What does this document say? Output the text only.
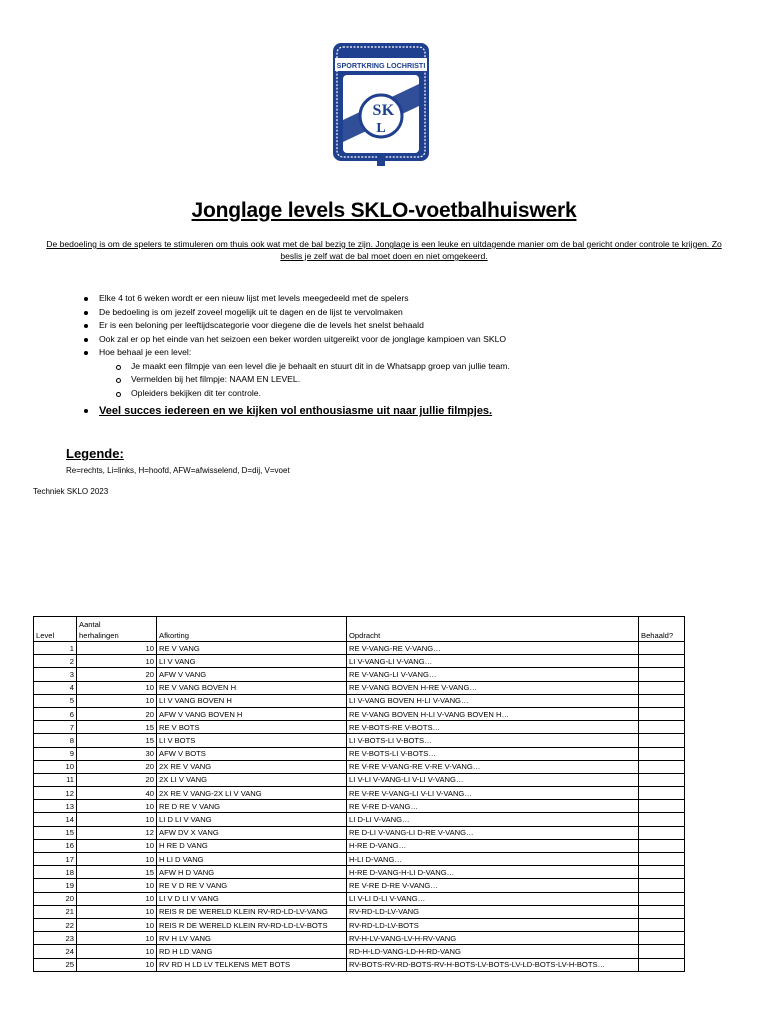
SPORTKRING LOCHRISTI
S K
L
Jonglage levels SKLO-voetbalhuiswerk
De bedoeling is om de spelers te stimuleren om thuis ook wat met de bal bezig te zijn. Jonglage is een leuke en uitdagende manier om de bal gericht onder controle te krijgen. Zo beslis je zelf wat de bal moet doen en niet omgekeerd.
Elke 4 tot 6 weken wordt er een nieuw lijst met levels meegedeeld met de spelers
De bedoeling is om jezelf zoveel mogelijk uit te dagen en de lijst te vervolmaken
Er is een beloning per leeftijdscategorie voor diegene die de levels het snelst behaald
Ook zal er op het einde van het seizoen een beker worden uitgereikt voor de jonglage kampioen van SKLO
Hoe behaal je een level:
Je maakt een filmpje van een level die je behaalt en stuurt dit in de Whatsapp groep van jullie team.
Vermelden bij het filmpje: NAAM EN LEVEL.
Opleiders bekijken dit ter controle.
Veel succes iedereen en we kijken vol enthousiasme uit naar jullie filmpjes.
Legende:
Re=rechts, Li=links, H=hoofd, AFW=afwisselend, D=dij, V=voet
Techniek SKLO 2023
Level	Aantal
herhalingen	Afkorting	Opdracht	Behaald?
1	10	RE V VANG	RE V-VANG-RE V-VANG…	
2	10	LI V VANG	LI V-VANG-LI V-VANG…	
3	20	AFW V VANG	RE V-VANG-LI V-VANG…	
4	10	RE V VANG BOVEN H	RE V-VANG BOVEN H-RE V-VANG…	
5	10	LI V VANG BOVEN H	LI V-VANG BOVEN H-LI V-VANG…	
6	20	AFW V VANG BOVEN H	RE V-VANG BOVEN H-LI V-VANG BOVEN H…	
7	15	RE V BOTS	RE V-BOTS-RE V-BOTS…	
8	15	LI V BOTS	LI V-BOTS-LI V-BOTS…	
9	30	AFW V BOTS	RE V-BOTS-LI V-BOTS…	
10	20	2X RE V VANG	RE V-RE V-VANG-RE V-RE V-VANG…	
11	20	2X LI V VANG	LI V-LI V-VANG-LI V-LI V-VANG…	
12	40	2X RE V VANG-2X LI V VANG	RE V-RE V-VANG-LI V-LI V-VANG…	
13	10	RE D RE V VANG	RE V-RE D-VANG…	
14	10	LI D LI V VANG	LI D-LI V-VANG…	
15	12	AFW DV X VANG	RE D-LI V-VANG-LI D-RE V-VANG…	
16	10	H RE D VANG	H-RE D-VANG…	
17	10	H LI D VANG	H-LI D-VANG…	
18	15	AFW H D VANG	H-RE D-VANG-H-LI D-VANG…	
19	10	RE V D RE V VANG	RE V-RE D-RE V-VANG…	
20	10	LI V D LI V VANG	LI V-LI D-LI V-VANG…	
21	10	REIS R DE WERELD KLEIN RV-RD-LD-LV-VANG	RV-RD-LD-LV-VANG	
22	10	REIS R DE WERELD KLEIN RV-RD-LD-LV-BOTS	RV-RD-LD-LV-BOTS	
23	10	RV H LV VANG	RV-H-LV-VANG-LV-H-RV-VANG	
24	10	RD H LD VANG	RD-H-LD-VANG-LD-H-RD-VANG	
25	10	RV RD H LD LV TELKENS MET BOTS	RV-BOTS-RV-RD-BOTS-RV-H-BOTS-LV-BOTS-LV-LD-BOTS-LV-H-BOTS…	
